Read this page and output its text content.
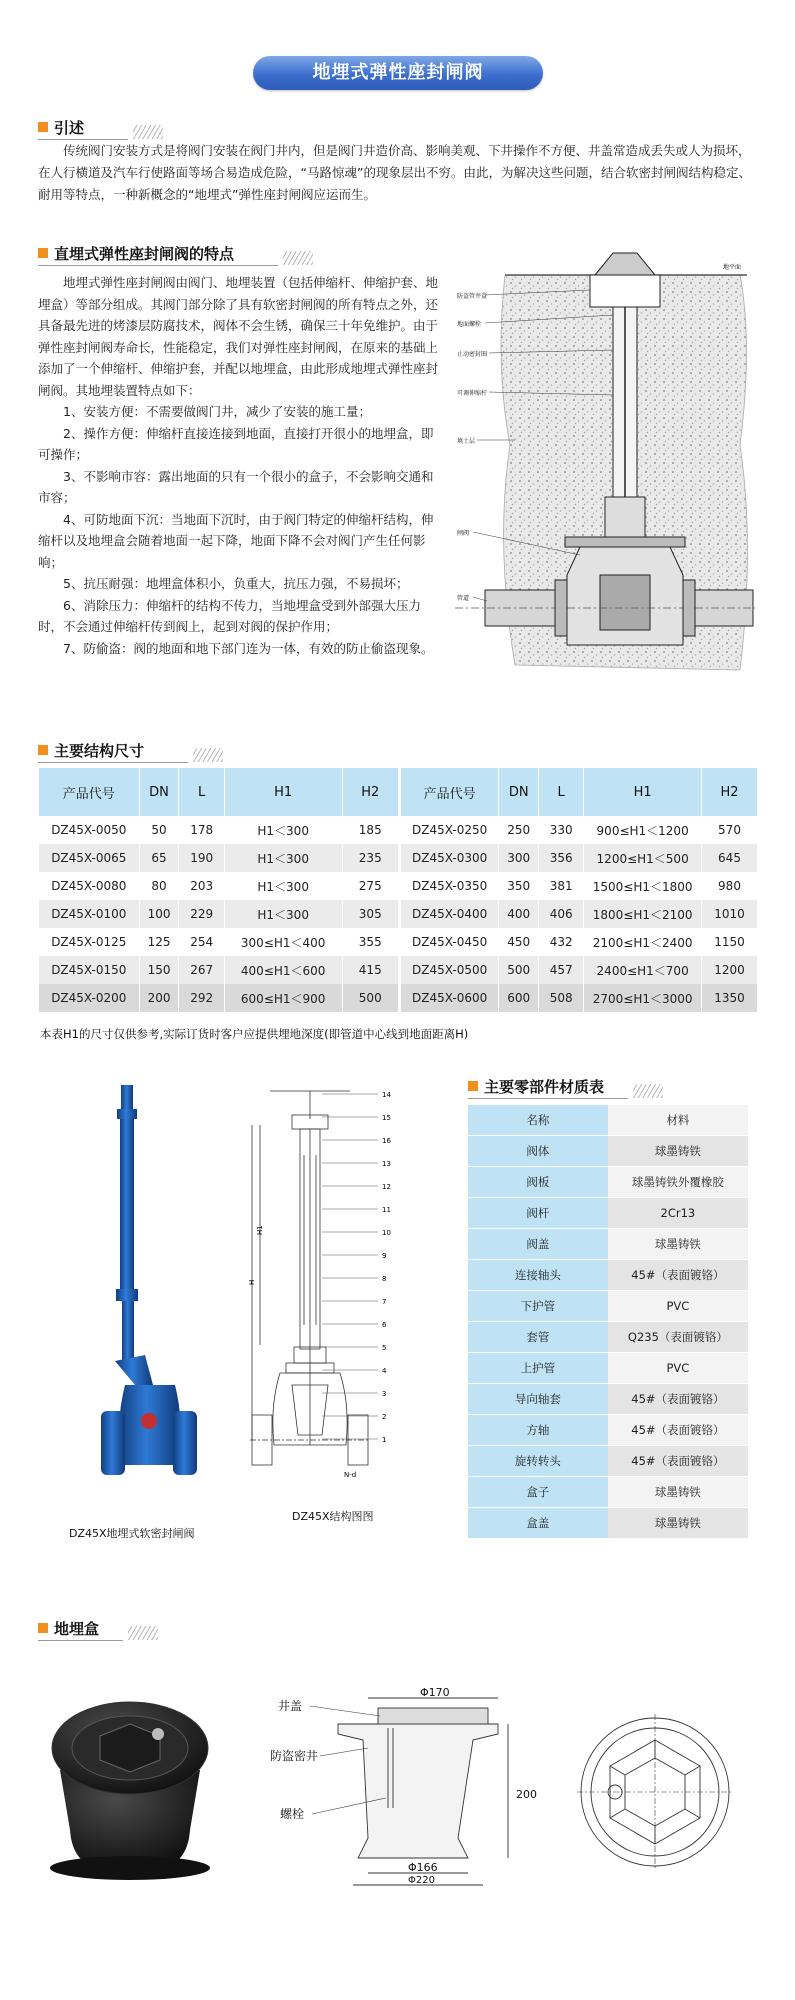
地埋式弹性座封闸阀
引述

传统阀门安装方式是将阀门安装在阀门井内，但是阀门井造价高、影响美观、下井操作不方便、井盖常造成丢失或人为损坏，在人行横道及汽车行使路面等场合易造成危险，“马路惊魂”的现象层出不穷。由此，为解决这些问题，结合软密封闸阀结构稳定、耐用等特点，一种新概念的“地埋式”弹性座封闸阀应运而生。

直埋式弹性座封闸阀的特点
地埋式弹性座封闸阀由阀门、地埋装置（包括伸缩杆、伸缩护套、地埋盒）等部分组成。其阀门部分除了具有软密封闸阀的所有特点之外，还具备最先进的烤漆层防腐技术，阀体不会生锈，确保三十年免维护。由于弹性座封闸阀寿命长，性能稳定，我们对弹性座封闸阀，在原来的基础上添加了一个伸缩杆、伸缩护套，并配以地埋盒，由此形成地埋式弹性座封闸阀。其地埋装置特点如下：
1、安装方便：不需要做阀门井，减少了安装的施工量；
2、操作方便：伸缩杆直接连接到地面，直接打开很小的地埋盒，即可操作；
3、不影响市容：露出地面的只有一个很小的盒子，不会影响交通和市容；
4、可防地面下沉：当地面下沉时，由于阀门特定的伸缩杆结构，伸缩杆以及地埋盒会随着地面一起下降，地面下降不会对阀门产生任何影响；
5、抗压耐强：地埋盒体积小，负重大，抗压力强，不易损坏；
6、消除压力：伸缩杆的结构不传力，当地埋盒受到外部强大压力时，不会通过伸缩杆传到阀上，起到对阀的保护作用；
7、防偷盗：阀的地面和地下部门连为一体，有效的防止偷盗现象。
地平面
防盗管井盒
地面螺栓
止动密封圈
可调伸缩杆
填土层
闸阀
管道
主要结构尺寸
产品代号	DN	L	H1	H2
DZ45X-0050	50	178	H1＜300	185
DZ45X-0065	65	190	H1＜300	235
DZ45X-0080	80	203	H1＜300	275
DZ45X-0100	100	229	H1＜300	305
DZ45X-0125	125	254	300≤H1＜400	355
DZ45X-0150	150	267	400≤H1＜600	415
DZ45X-0200	200	292	600≤H1＜900	500
产品代号	DN	L	H1	H2
DZ45X-0250	250	330	900≤H1＜1200	570
DZ45X-0300	300	356	1200≤H1＜500	645
DZ45X-0350	350	381	1500≤H1＜1800	980
DZ45X-0400	400	406	1800≤H1＜2100	1010
DZ45X-0450	450	432	2100≤H1＜2400	1150
DZ45X-0500	500	457	2400≤H1＜700	1200
DZ45X-0600	600	508	2700≤H1＜3000	1350
本表H1的尺寸仅供参考,实际订货时客户应提供埋地深度(即管道中心线到地面距离H)
DZ45X地埋式软密封闸阀
H1
H
N-d
14
15
16
13
12
11
10
9
8
7
6
5
4
3
2
1
DZ45X结构图图
主要零部件材质表
名称	材料
阀体	球墨铸铁
阀板	球墨铸铁外覆橡胶
阀杆	2Cr13
阀盖	球墨铸铁
连接轴头	45#（表面镀铬）
下护管	PVC
套管	Q235（表面镀铬）
上护管	PVC
导向轴套	45#（表面镀铬）
方轴	45#（表面镀铬）
旋转转头	45#（表面镀铬）
盒子	球墨铸铁
盒盖	球墨铸铁
地埋盒
井盖
防盗密井
螺栓
Φ170
200
Φ166
Φ220
